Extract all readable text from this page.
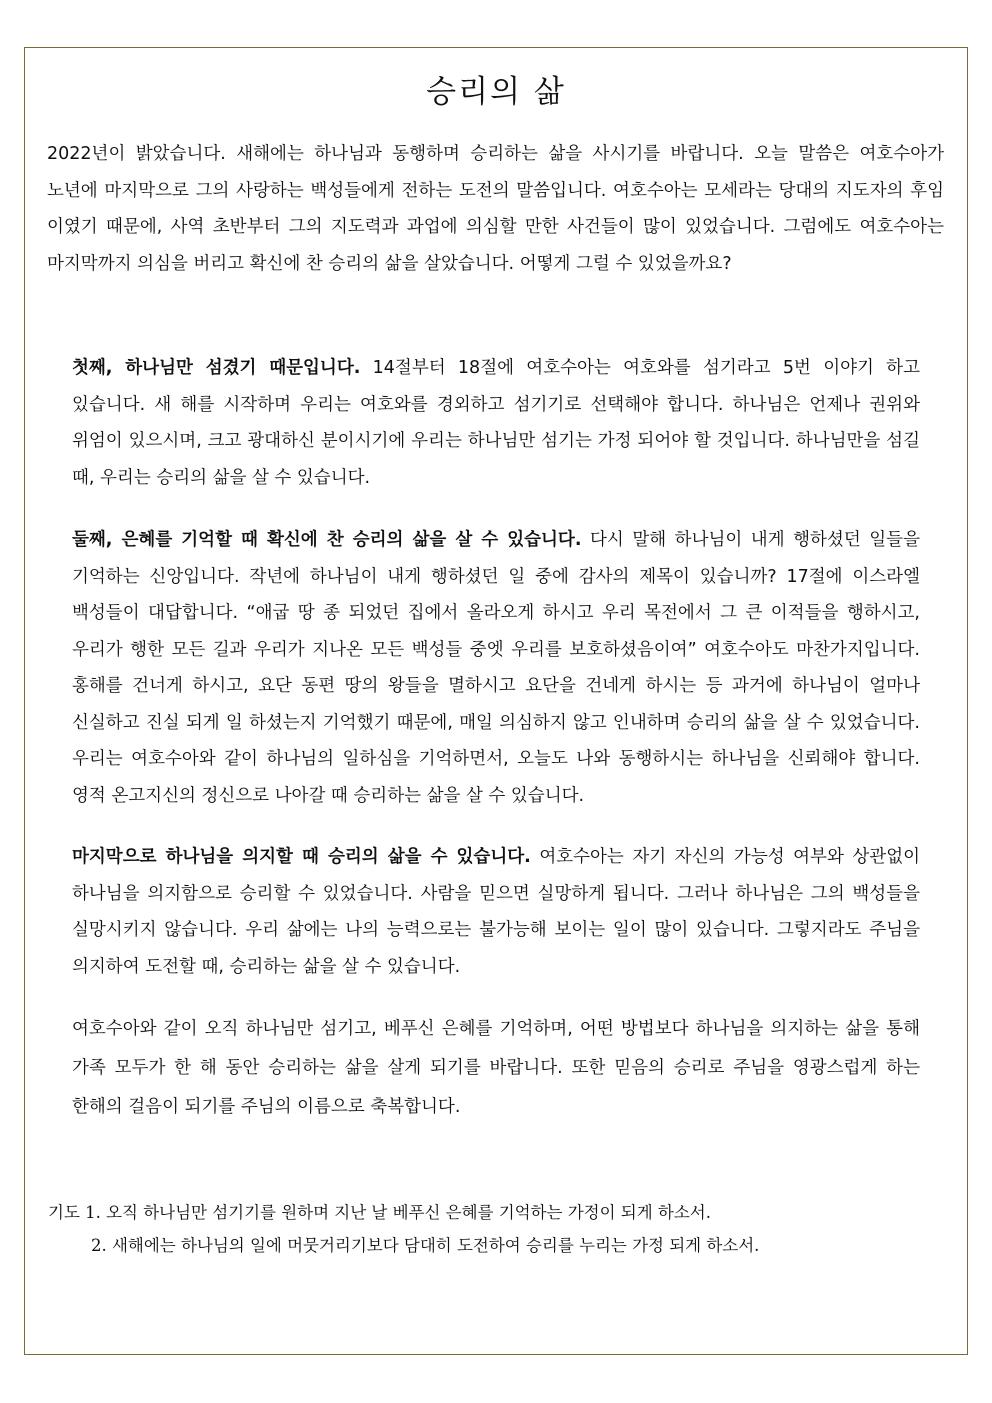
승리의 삶

2022년이 밝았습니다. 새해에는 하나님과 동행하며 승리하는 삶을 사시기를 바랍니다. 오늘 말씀은 여호수아가 노년에 마지막으로 그의 사랑하는 백성들에게 전하는 도전의 말씀입니다. 여호수아는 모세라는 당대의 지도자의 후임 이였기 때문에, 사역 초반부터 그의 지도력과 과업에 의심할 만한 사건들이 많이 있었습니다. 그럼에도 여호수아는 마지막까지 의심을 버리고 확신에 찬 승리의 삶을 살았습니다. 어떻게 그럴 수 있었을까요?

첫째, 하나님만 섬겼기 때문입니다. 14절부터 18절에 여호수아는 여호와를 섬기라고 5번 이야기 하고 있습니다. 새 해를 시작하며 우리는 여호와를 경외하고 섬기기로 선택해야 합니다. 하나님은 언제나 권위와 위엄이 있으시며, 크고 광대하신 분이시기에 우리는 하나님만 섬기는 가정 되어야 할 것입니다. 하나님만을 섬길 때, 우리는 승리의 삶을 살 수 있습니다.

둘째, 은혜를 기억할 때 확신에 찬 승리의 삶을 살 수 있습니다. 다시 말해 하나님이 내게 행하셨던 일들을 기억하는 신앙입니다. 작년에 하나님이 내게 행하셨던 일 중에 감사의 제목이 있습니까? 17절에 이스라엘 백성들이 대답합니다. “애굽 땅 종 되었던 집에서 올라오게 하시고 우리 목전에서 그 큰 이적들을 행하시고, 우리가 행한 모든 길과 우리가 지나온 모든 백성들 중엣 우리를 보호하셨음이여” 여호수아도 마찬가지입니다. 홍해를 건너게 하시고, 요단 동편 땅의 왕들을 멸하시고 요단을 건네게 하시는 등 과거에 하나님이 얼마나 신실하고 진실 되게 일 하셨는지 기억했기 때문에, 매일 의심하지 않고 인내하며 승리의 삶을 살 수 있었습니다. 우리는 여호수아와 같이 하나님의 일하심을 기억하면서, 오늘도 나와 동행하시는 하나님을 신뢰해야 합니다. 영적 온고지신의 정신으로 나아갈 때 승리하는 삶을 살 수 있습니다.

마지막으로 하나님을 의지할 때 승리의 삶을 수 있습니다. 여호수아는 자기 자신의 가능성 여부와 상관없이 하나님을 의지함으로 승리할 수 있었습니다. 사람을 믿으면 실망하게 됩니다. 그러나 하나님은 그의 백성들을 실망시키지 않습니다. 우리 삶에는 나의 능력으로는 불가능해 보이는 일이 많이 있습니다. 그렇지라도 주님을 의지하여 도전할 때, 승리하는 삶을 살 수 있습니다.

여호수아와 같이 오직 하나님만 섬기고, 베푸신 은혜를 기억하며, 어떤 방법보다 하나님을 의지하는 삶을 통해 가족 모두가 한 해 동안 승리하는 삶을 살게 되기를 바랍니다. 또한 믿음의 승리로 주님을 영광스럽게 하는 한해의 걸음이 되기를 주님의 이름으로 축복합니다.

기도 1. 오직 하나님만 섬기기를 원하며 지난 날 베푸신 은혜를 기억하는 가정이 되게 하소서.
2. 새해에는 하나님의 일에 머뭇거리기보다 담대히 도전하여 승리를 누리는 가정 되게 하소서.
